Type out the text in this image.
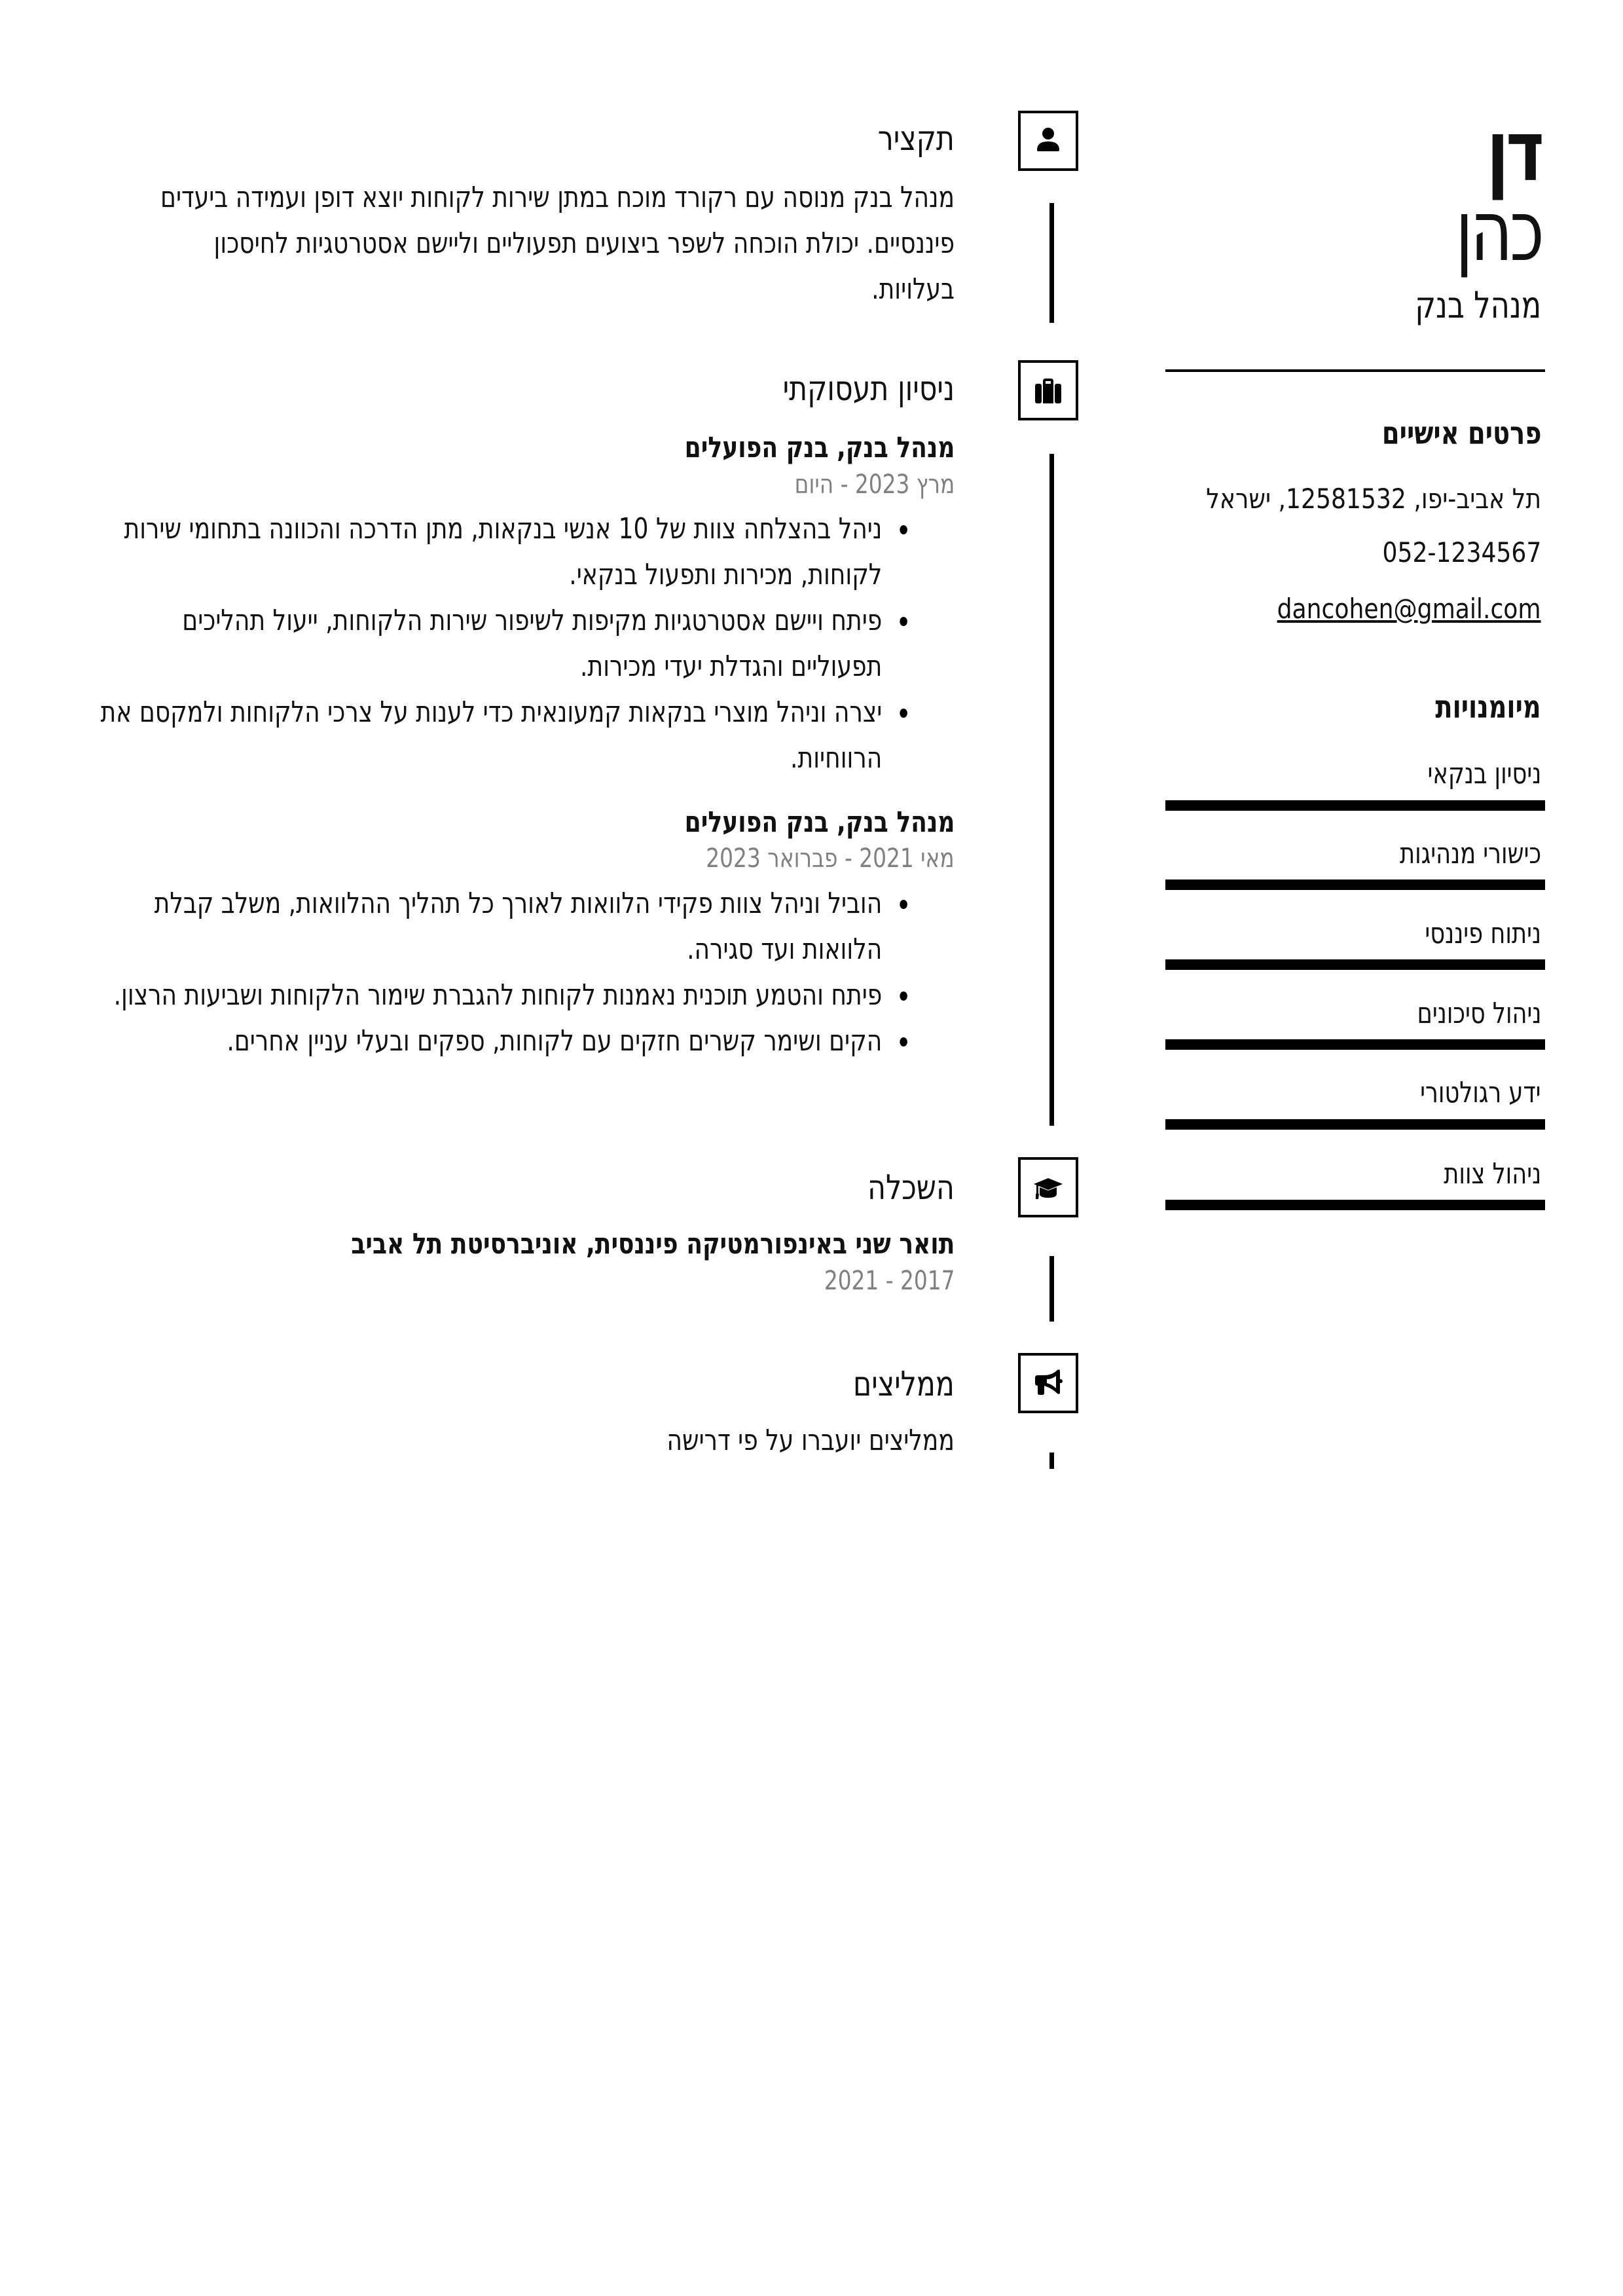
דן
כהן
מנהל בנק
פרטים אישיים
תל אביב-יפו, 12581532, ישראל
052-1234567
dancohen@gmail.com
מיומנויות
ניסיון בנקאי
כישורי מנהיגות
ניתוח פיננסי
ניהול סיכונים
ידע רגולטורי
ניהול צוות
תקציר
מנהל בנק מנוסה עם רקורד מוכח במתן שירות לקוחות יוצא דופן ועמידה ביעדים פיננסיים. יכולת הוכחה לשפר ביצועים תפעוליים וליישם אסטרטגיות לחיסכון בעלויות.
ניסיון תעסוקתי
מנהל בנק, בנק הפועלים
מרץ 2023 - היום
ניהל בהצלחה צוות של 10 אנשי בנקאות, מתן הדרכה והכוונה בתחומי שירות לקוחות, מכירות ותפעול בנקאי.
פיתח ויישם אסטרטגיות מקיפות לשיפור שירות הלקוחות, ייעול תהליכים תפעוליים והגדלת יעדי מכירות.
יצרה וניהל מוצרי בנקאות קמעונאית כדי לענות על צרכי הלקוחות ולמקסם את הרווחיות.
מנהל בנק, בנק הפועלים
מאי 2021 - פברואר 2023
הוביל וניהל צוות פקידי הלוואות לאורך כל תהליך ההלוואות, משלב קבלת הלוואות ועד סגירה.
פיתח והטמע תוכנית נאמנות לקוחות להגברת שימור הלקוחות ושביעות הרצון.
הקים ושימר קשרים חזקים עם לקוחות, ספקים ובעלי עניין אחרים.
השכלה
תואר שני באינפורמטיקה פיננסית, אוניברסיטת תל אביב
2017 - 2021
ממליצים
ממליצים יועברו על פי דרישה
